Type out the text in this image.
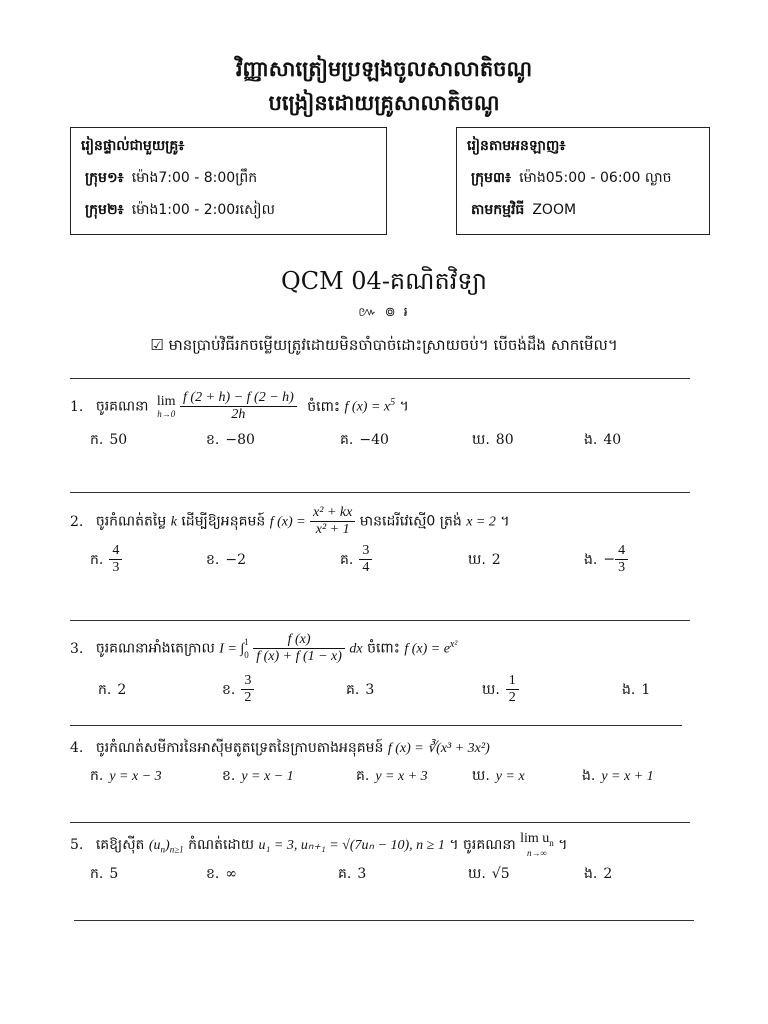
វិញ្ញាសាត្រៀមប្រឡងចូលសាលាតិចណូ
បង្រៀនដោយគ្រូសាលាតិចណូ
រៀនផ្ទាល់ជាមួយគ្រូ៖
ក្រុម១៖ ម៉ោង7:00 - 8:00ព្រឹក
ក្រុម២៖ ម៉ោង1:00 - 2:00រសៀល
រៀនតាមអនឡាញ៖
ក្រុម៣៖ ម៉ោង05:00 - 06:00 ល្ងាច
តាមកម្មវិធី ZOOM
QCM 04-គណិតវិទ្យា
៚ ៙ ៛
☑ មានប្រាប់វិធីរកចម្លើយត្រូវដោយមិនចាំបាច់ដោះស្រាយចប់។ បើចង់ដឹង សាកមើល។
1. ចូរគណនា lim
h→0
$\frac{f (2 + h) - f (2 - h)}{2h}$ ចំពោះ f $(x) = x^5$ ។
ក. 50	ខ. −80	គ. −40	ឃ. 80	ង. 40
2. ចូរកំណត់តម្លៃ k ដើម្បីឱ្យអនុគមន៍ f $(x) = \frac{\text{x² + kx}}{\text{x² + 1}}$ មានដេរីវេស្មើ0 ត្រង់ x = 2 ។
ក. $\frac{4}{3}$	ខ. −2	គ. $\frac{3}{4}$	ឃ. 2	ង. − $\frac{4}{3}$
3. ចូរគណនាអាំងតេក្រាល I = ∫ 1
0
$\frac{f (x)}{f (x) + f (1 - x)}$ dx ចំពោះ f $(x) = e^{x^2}$
ក. 2	ខ. $\frac{3}{2}$	គ. 3	ឃ. $\frac{1}{2}$	ង. 1
4. ចូរកំណត់សមីការនៃអាស៊ីមតូតទ្រេតនៃក្រាបតាងអនុគមន៍ f (x) = ∛(x³ + 3x²)
ក. y = x − 3	ខ. y = x − 1	គ. y = x + 3	ឃ. y = x	ង. y = x + 1
5. គេឱ្យស៊ីត $(u_n)_{n\ge 1}$ កំណត់ដោយ u₁ = 3, uₙ₊₁ = √(7uₙ − 10), n ≥ 1 ។ ចូរគណនា $\lim u_n$
n→∞ ។
ក. 5	ខ. ∞	គ. 3	ឃ. √5	ង. 2
